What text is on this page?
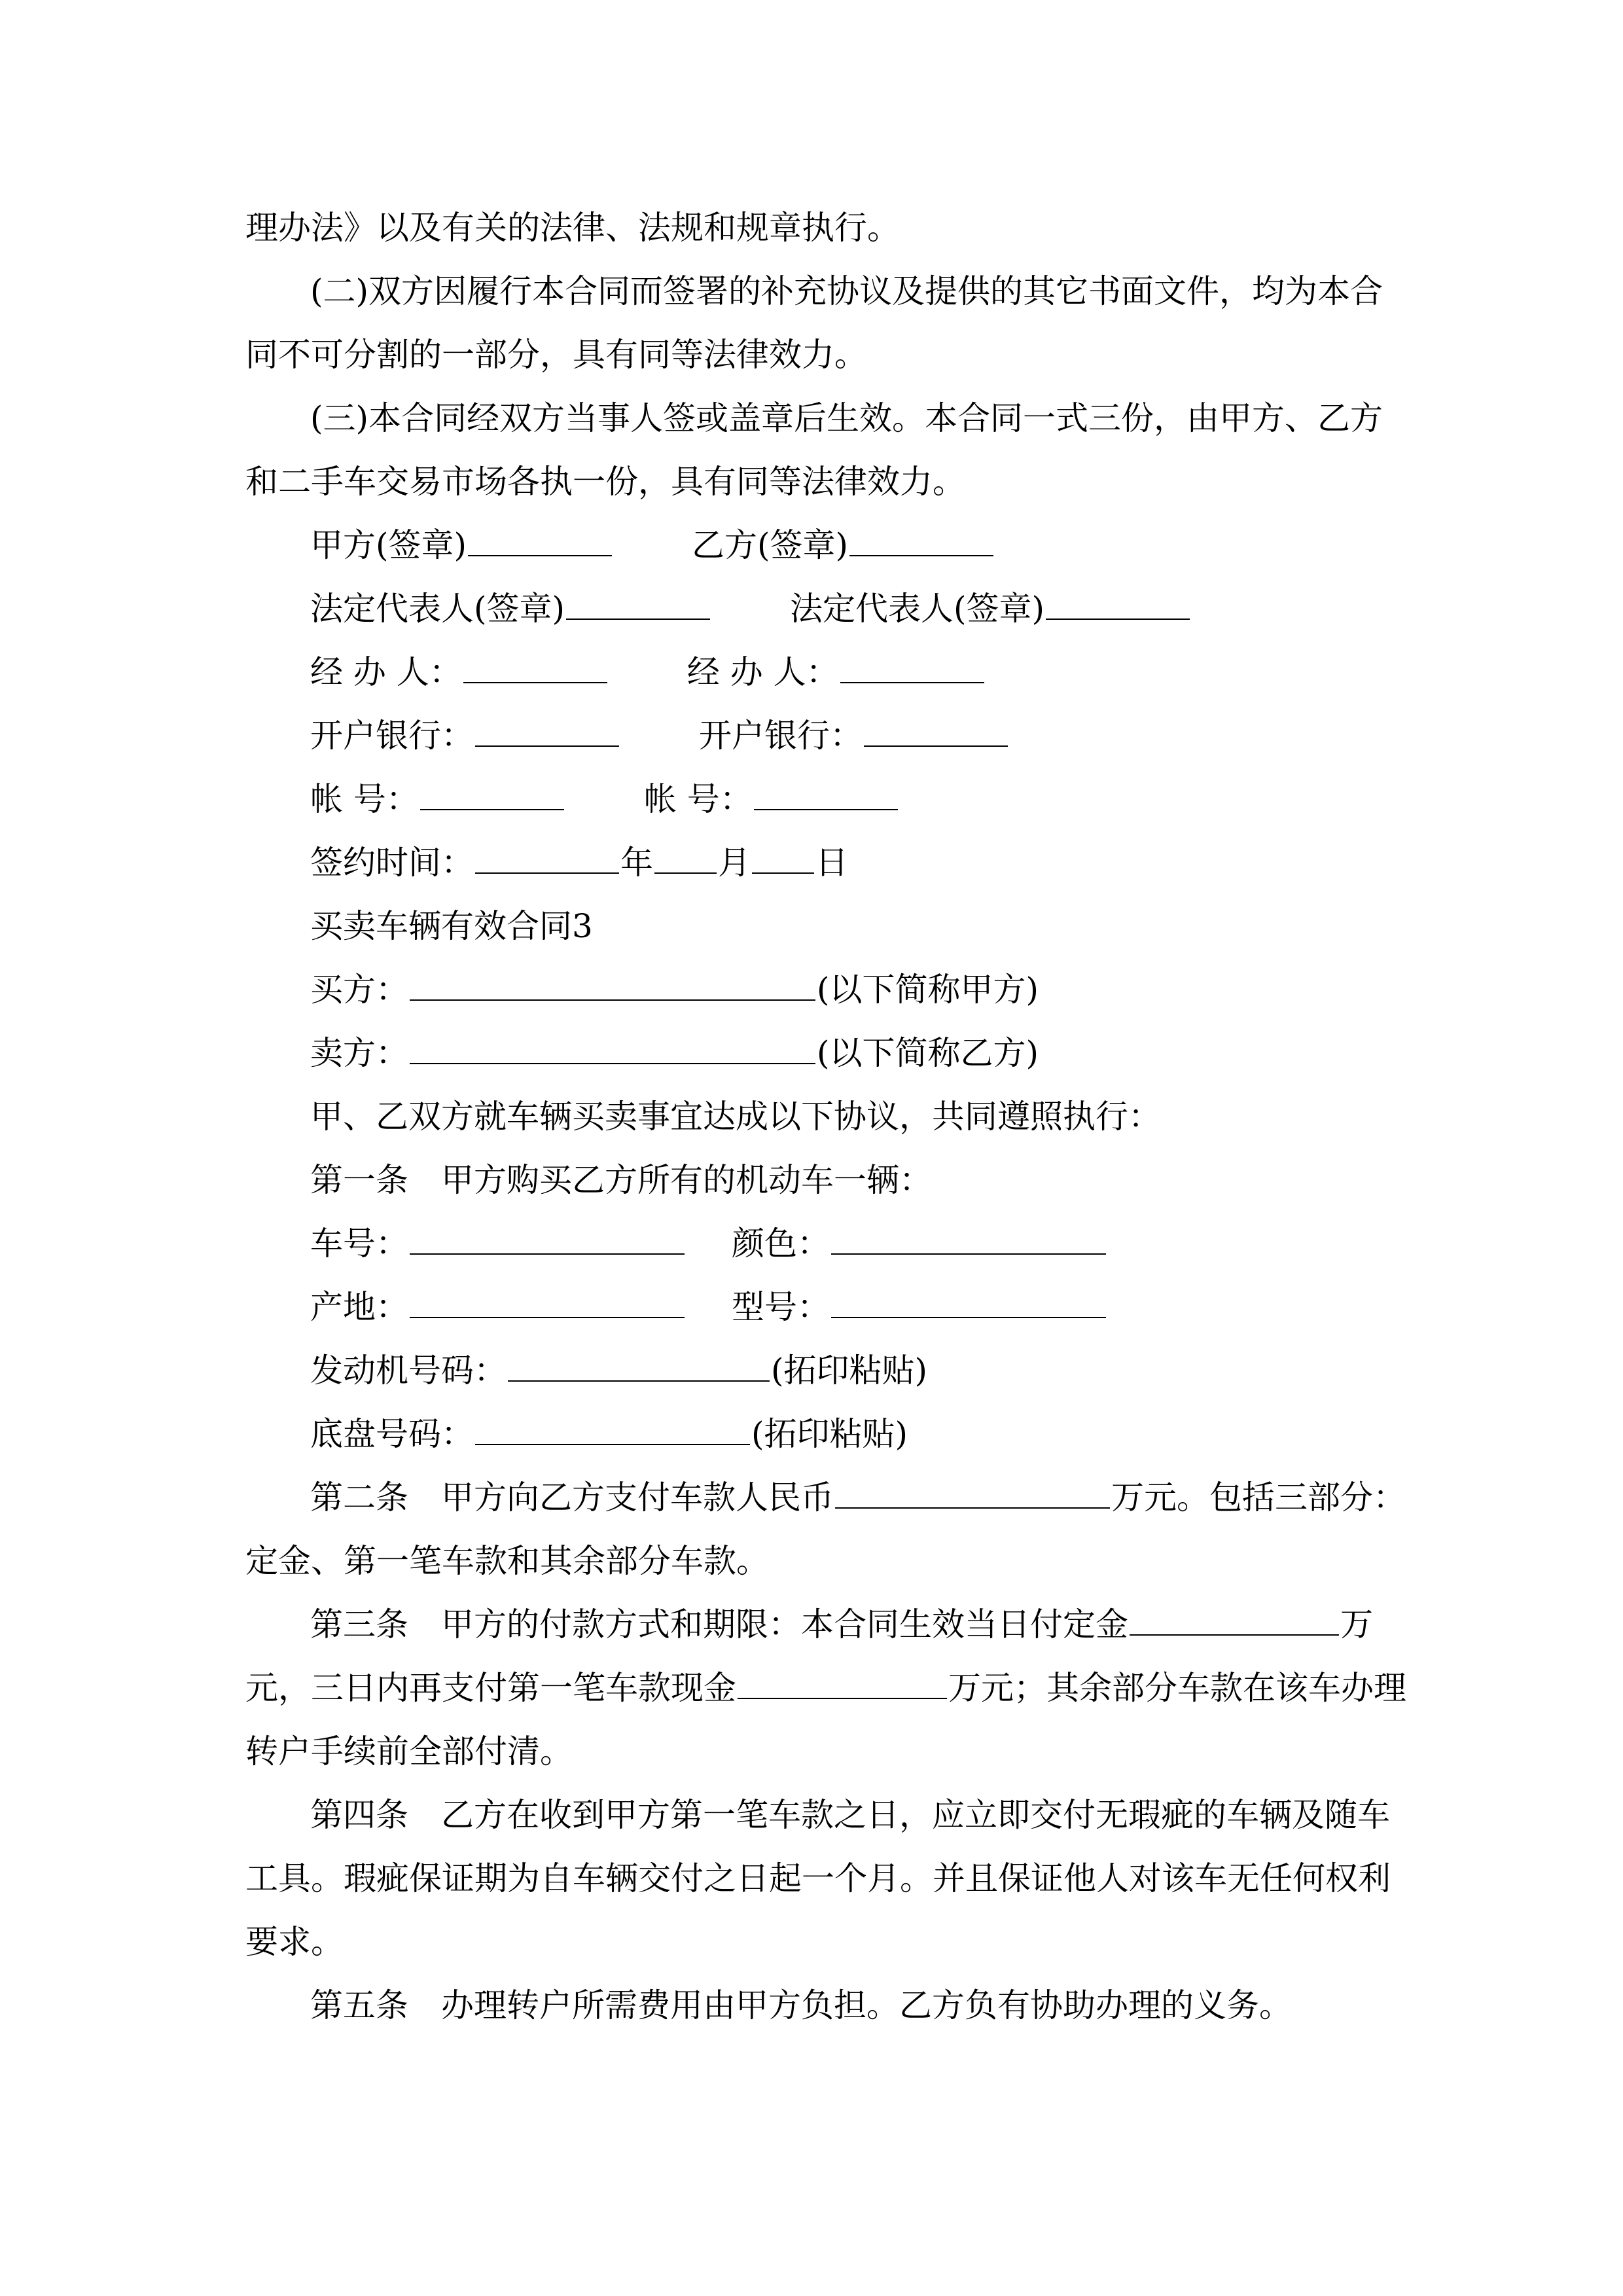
理办法》以及有关的法律、法规和规章执行。
(二)双方因履行本合同而签署的补充协议及提供的其它书面文件，均为本合
同不可分割的一部分，具有同等法律效力。
(三)本合同经双方当事人签或盖章后生效。本合同一式三份，由甲方、乙方
和二手车交易市场各执一份，具有同等法律效力。
甲方(签章)	乙方(签章)
法定代表人(签章)	法定代表人(签章)
经 办 人：	经 办 人：
开户银行：	开户银行：
帐 号：	帐 号：
签约时间：	年 月 日
买卖车辆有效合同3
买方：	(以下简称甲方)
卖方：	(以下简称乙方)
甲、乙双方就车辆买卖事宜达成以下协议，共同遵照执行：
第一条　甲方购买乙方所有的机动车一辆：
车号：	颜色：
产地：	型号：
发动机号码：	(拓印粘贴)
底盘号码：	(拓印粘贴)
第二条　甲方向乙方支付车款人民币	万元。包括三部分：
定金、第一笔车款和其余部分车款。
第三条　甲方的付款方式和期限：本合同生效当日付定金	万
元，三日内再支付第一笔车款现金	万元；其余部分车款在该车办理
转户手续前全部付清。
第四条　乙方在收到甲方第一笔车款之日，应立即交付无瑕疵的车辆及随车
工具。瑕疵保证期为自车辆交付之日起一个月。并且保证他人对该车无任何权利
要求。
第五条　办理转户所需费用由甲方负担。乙方负有协助办理的义务。
